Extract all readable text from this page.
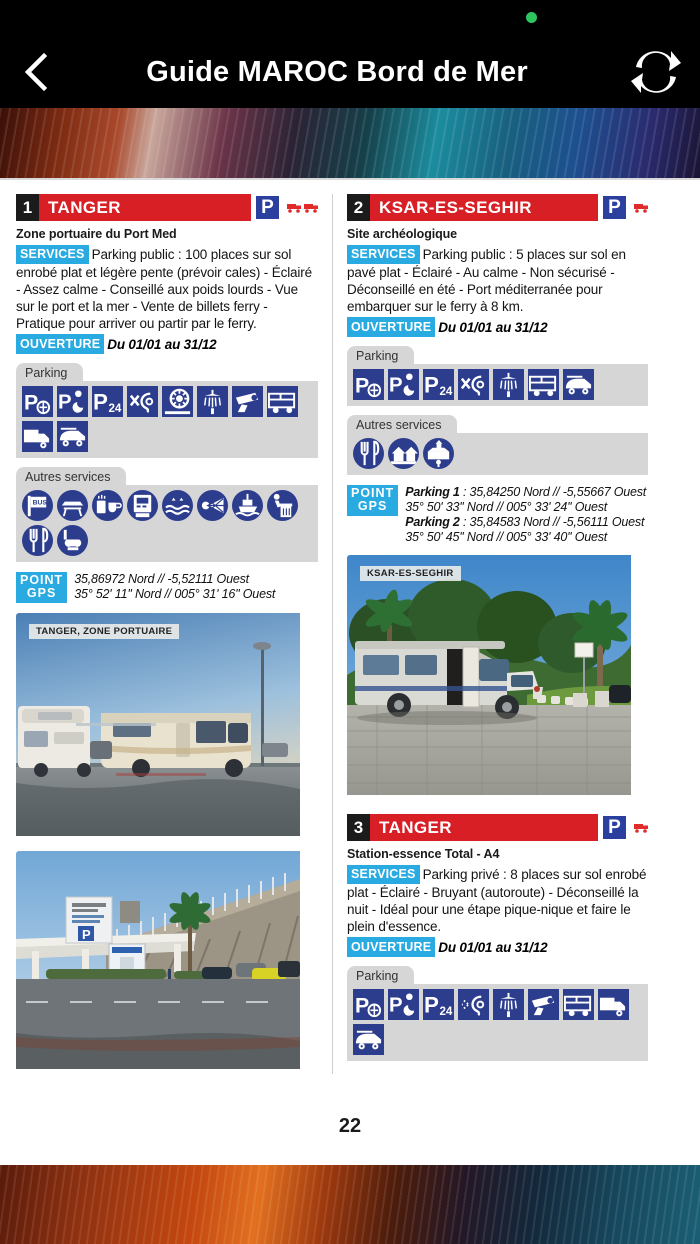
Guide MAROC Bord de Mer
1 TANGER	P
Zone portuaire du Port Med
SERVICES Parking public : 100 places sur sol enrobé plat et légère pente (prévoir cales) - Éclairé - Assez calme - Conseillé aux poids lourds - Vue sur le port et la mer - Vente de billets ferry - Pratique pour arriver ou partir par le ferry.
OUVERTURE Du 01/01 au 31/12
Parking
P P P 24
Autres services
BUS
POINT
GPS
35,86972 Nord // -5,52111 Ouest
35° 52' 11'' Nord // 005° 31' 16'' Ouest
TANGER, ZONE PORTUAIRE
P
2 KSAR-ES-SEGHIR	P
Site archéologique
SERVICES Parking public : 5 places sur sol en pavé plat - Éclairé - Au calme - Non sécurisé - Déconseillé en été - Port méditerranée pour embarquer sur le ferry à 8 km.
OUVERTURE Du 01/01 au 31/12
Parking
P P P 24
Autres services
POINT
GPS
Parking 1 : 35,84250 Nord // -5,55667 Ouest
35° 50' 33'' Nord // 005° 33' 24'' Ouest
Parking 2 : 35,84583 Nord // -5,56111 Ouest
35° 50' 45'' Nord // 005° 33' 40'' Ouest
KSAR-ES-SEGHIR
3 TANGER	P
Station-essence Total - A4
SERVICES Parking privé : 8 places sur sol enrobé plat - Éclairé - Bruyant (autoroute) - Déconseillé la nuit - Idéal pour une étape pique-nique et faire le plein d'essence.
OUVERTURE Du 01/01 au 31/12
Parking
P P P 24
22
